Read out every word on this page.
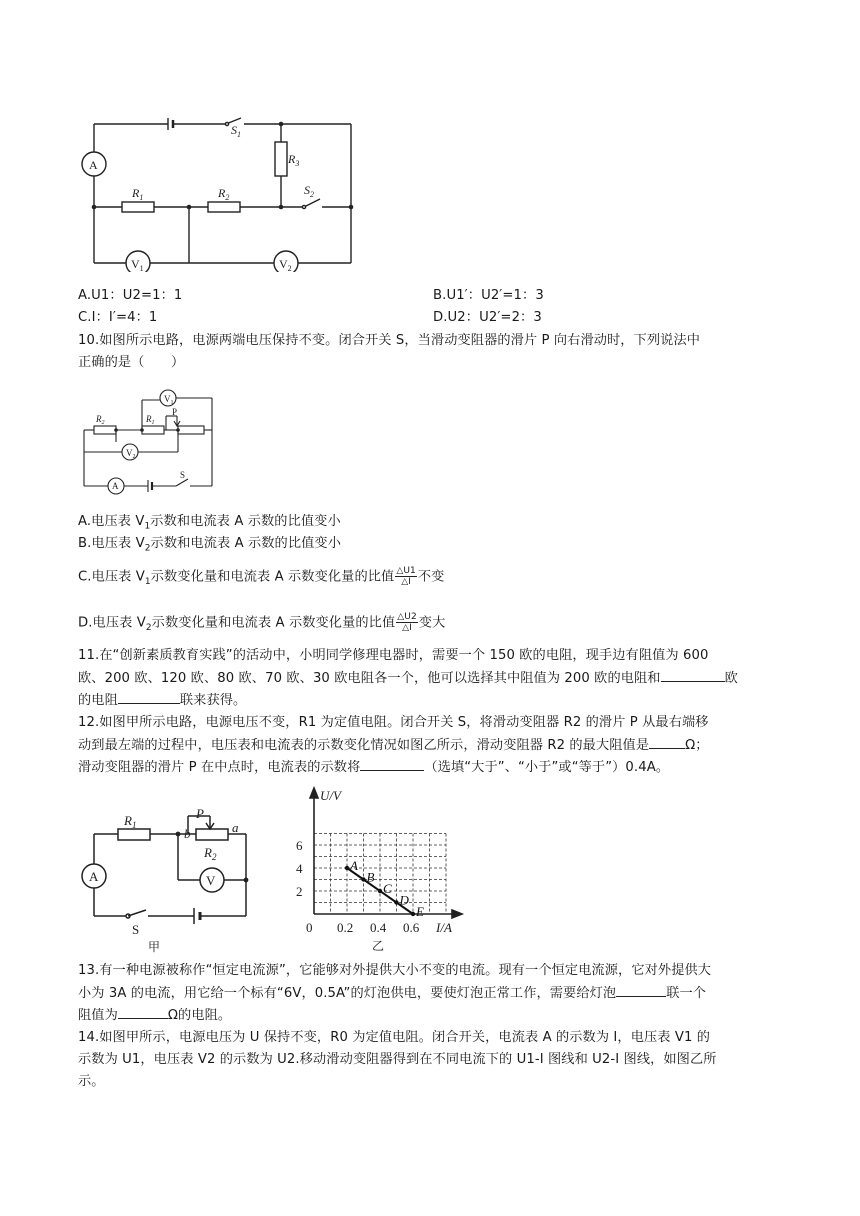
A
$S_1$
$R_3$
$S_2$
$R_1$	$R_2$
$V_1$	$V_2$
A.U1：U2=1：1	B.U1′：U2′=1：3
C.I：I′=4：1	D.U2：U2′=2：3
10.如图所示电路，电源两端电压保持不变。闭合开关 S，当滑动变阻器的滑片 P 向右滑动时，下列说法中
正确的是（　　）
$R_2$	$R_1$
P
$V_1$
$V_2$
A
S
A.电压表 $V_1$示数和电流表 A 示数的比值变小
B.电压表 $V_2$示数和电流表 A 示数的比值变小
C.电压表 $V_1$示数变化量和电流表 A 示数变化量的比值 $\frac{\triangle U1}{\triangle I}$ 不变
D.电压表 $V_2$示数变化量和电流表 A 示数变化量的比值 $\frac{\triangle U2}{\triangle I}$ 变大
11.在“创新素质教育实践”的活动中，小明同学修理电器时，需要一个 150 欧的电阻，现手边有阻值为 600
欧、200 欧、120 欧、80 欧、70 欧、30 欧电阻各一个，他可以选择其中阻值为 200 欧的电阻和	欧
的电阻	联来获得。
12.如图甲所示电路，电源电压不变，R1 为定值电阻。闭合开关 S，将滑动变阻器 R2 的滑片 P 从最右端移
动到最左端的过程中，电压表和电流表的示数变化情况如图乙所示，滑动变阻器 R2 的最大阻值是	Ω；
滑动变阻器的滑片 P 在中点时，电流表的示数将	（选填“大于”、“小于”或“等于”）0.4A。
$R_1$
b
P
a
$R_2$
A	V
S
甲
6
4
2
0.2 0.4 0.6
A
B
C
D
E
U/V
I/A
0
乙
13.有一种电源被称作“恒定电流源”，它能够对外提供大小不变的电流。现有一个恒定电流源，它对外提供大
小为 3A 的电流，用它给一个标有“6V，0.5A”的灯泡供电，要使灯泡正常工作，需要给灯泡	联一个
阻值为	Ω的电阻。
14.如图甲所示，电源电压为 U 保持不变，R0 为定值电阻。闭合开关，电流表 A 的示数为 I，电压表 V1 的
示数为 U1，电压表 V2 的示数为 U2.移动滑动变阻器得到在不同电流下的 U1-I 图线和 U2-I 图线，如图乙所
示。
